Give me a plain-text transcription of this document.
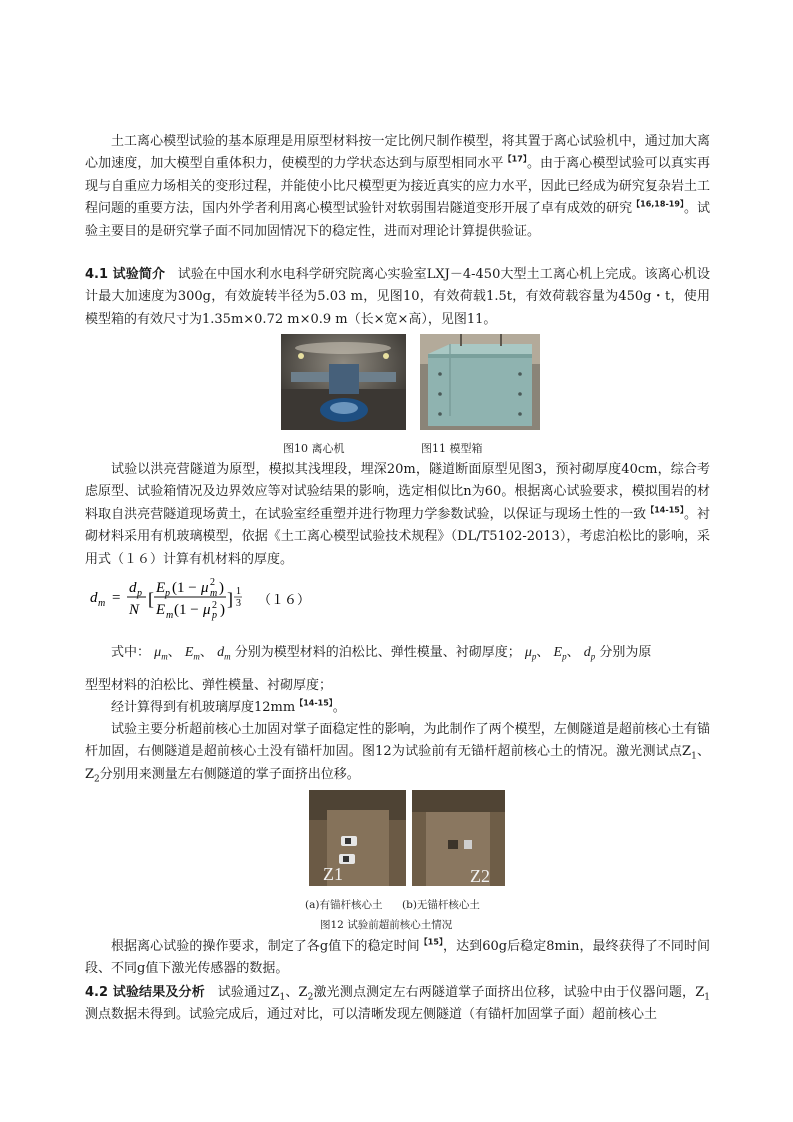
土工离心模型试验的基本原理是用原型材料按一定比例尺制作模型，将其置于离心试验机中，通过加大离心加速度，加大模型自重体积力，使模型的力学状态达到与原型相同水平$^{【17】}$。由于离心模型试验可以真实再现与自重应力场相关的变形过程，并能使小比尺模型更为接近真实的应力水平，因此已经成为研究复杂岩土工程问题的重要方法，国内外学者利用离心模型试验针对软弱围岩隧道变形开展了卓有成效的研究$^{【16,18-19】}$。试验主要目的是研究掌子面不同加固情况下的稳定性，进而对理论计算提供验证。

4.1 试验简介 试验在中国水利水电科学研究院离心实验室LXJ－4-450大型土工离心机上完成。该离心机设计最大加速度为300g，有效旋转半径为5.03 m，见图10，有效荷载1.5t，有效荷载容量为450g・t，使用模型箱的有效尺寸为1.35m×0.72 m×0.9 m（长×宽×高），见图11。

图10 离心机	图11 模型箱

试验以洪亮营隧道为原型，模拟其浅埋段，埋深20m，隧道断面原型见图3，预衬砌厚度40cm，综合考虑原型、试验箱情况及边界效应等对试验结果的影响，选定相似比n为60。根据离心试验要求，模拟围岩的材料取自洪亮营隧道现场黄土，在试验室经重塑并进行物理力学参数试验，以保证与现场土性的一致$^{【14-15】}$。衬砌材料采用有机玻璃模型，依据《土工离心模型试验技术规程》（DL/T5102-2013），考虑泊松比的影响，采用式（１６）计算有机材料的厚度。

d m =
d p
N
[
E p (1 − μ m
2 )
E m (1 − μ p
2 )
] 1
3 （１６）

式中： $\mu_m$、 $E_m$、 $d_m$ 分别为模型材料的泊松比、弹性模量、衬砌厚度； $\mu_p$、 $E_p$、 $d_p$ 分别为原

型型材料的泊松比、弹性模量、衬砌厚度；

经计算得到有机玻璃厚度$12mm^{【14-15】}$。

试验主要分析超前核心土加固对掌子面稳定性的影响，为此制作了两个模型，左侧隧道是超前核心土有锚杆加固，右侧隧道是超前核心土没有锚杆加固。图12为试验前有无锚杆超前核心土的情况。激光测试点$Z_1$、$Z_2$分别用来测量左右侧隧道的掌子面挤出位移。

Z1	Z2
(a)有锚杆核心土 (b)无锚杆核心土
图12 试验前超前核心土情况

根据离心试验的操作要求，制定了各g值下的稳定时间$^{【15】}$，达到60g后稳定8min，最终获得了不同时间段、不同g值下激光传感器的数据。

4.2 试验结果及分析 试验通过$Z_1$、$Z_2$激光测点测定左右两隧道掌子面挤出位移，试验中由于仪器问题，$Z_1$测点数据未得到。试验完成后，通过对比，可以清晰发现左侧隧道（有锚杆加固掌子面）超前核心土
